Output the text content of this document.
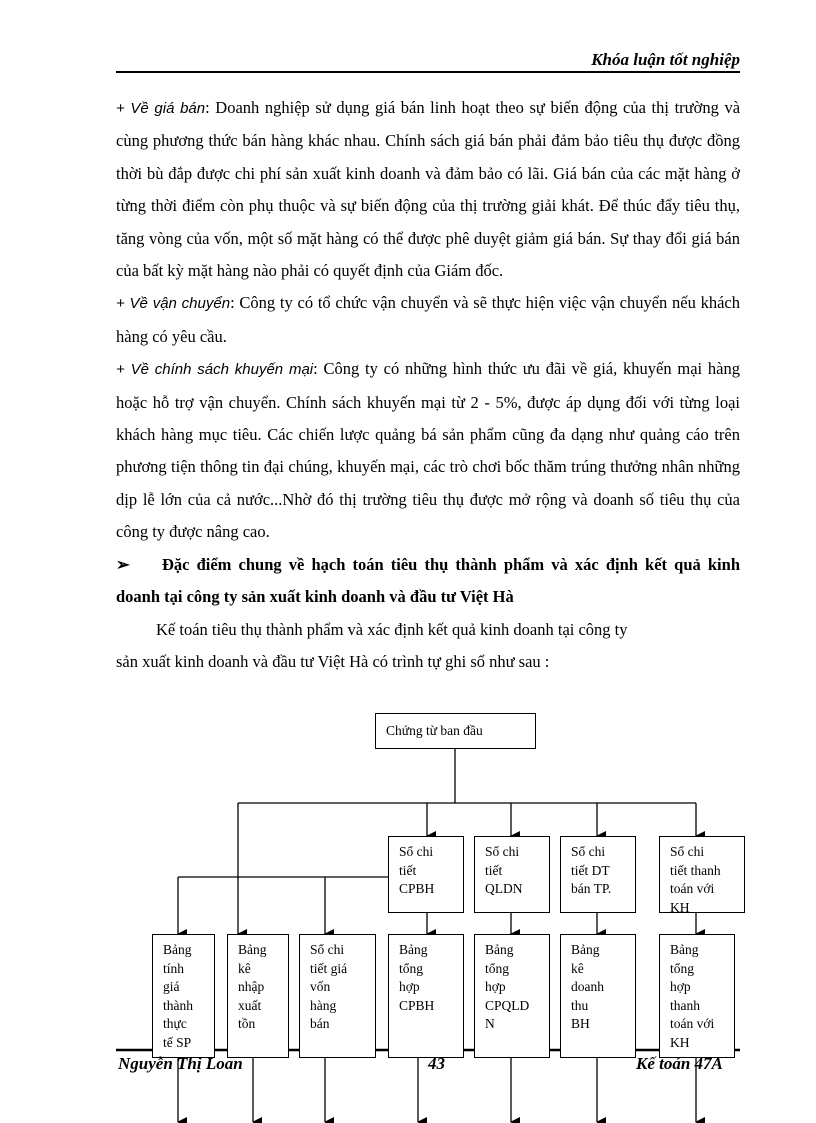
Khóa luận tốt nghiệp

+ Về giá bán: Doanh nghiệp sử dụng giá bán linh hoạt theo sự biến động của thị trường và cùng phương thức bán hàng khác nhau. Chính sách giá bán phải đảm bảo tiêu thụ được đồng thời bù đắp được chi phí sản xuất kinh doanh và đảm bảo có lãi. Giá bán của các mặt hàng ở từng thời điểm còn phụ thuộc và sự biến động của thị trường giải khát. Để thúc đẩy tiêu thụ, tăng vòng của vốn, một số mặt hàng có thể được phê duyệt giảm giá bán. Sự thay đổi giá bán của bất kỳ mặt hàng nào phải có quyết định của Giám đốc.

+ Về vận chuyển: Công ty có tổ chức vận chuyển và sẽ thực hiện việc vận chuyển nếu khách hàng có yêu cầu.

+ Về chính sách khuyến mại: Công ty có những hình thức ưu đãi về giá, khuyến mại hàng hoặc hỗ trợ vận chuyển. Chính sách khuyến mại từ 2 - 5%, được áp dụng đối với từng loại khách hàng mục tiêu. Các chiến lược quảng bá sản phẩm cũng đa dạng như quảng cáo trên phương tiện thông tin đại chúng, khuyến mại, các trò chơi bốc thăm trúng thưởng nhân những dịp lễ lớn của cả nước...Nhờ đó thị trường tiêu thụ được mở rộng và doanh số tiêu thụ của công ty được nâng cao.

➢ Đặc điểm chung về hạch toán tiêu thụ thành phẩm và xác định kết quả kinh doanh tại công ty sản xuất kinh doanh và đầu tư Việt Hà

Kế toán tiêu thụ thành phẩm và xác định kết quả kinh doanh tại công ty

sản xuất kinh doanh và đầu tư Việt Hà có trình tự ghi sổ như sau :

Chứng từ ban đầu
Sổ chi
tiết
CPBH
Sổ chi
tiết
QLDN
Sổ chi
tiết DT
bán TP.
Sổ chi
tiết thanh
toán với
KH
Bảng
tính
giá
thành
thực
tế SP
Bảng
kê
nhập
xuất
tồn
Sổ chi
tiết giá
vốn
hàng
bán
Bảng
tổng
hợp
CPBH
Bảng
tổng
hợp
CPQLD
N
Bảng
kê
doanh
thu
BH
Bảng
tổng
hợp
thanh
toán với
KH
Nguyễn Thị Loan	43	Kế toán 47A
